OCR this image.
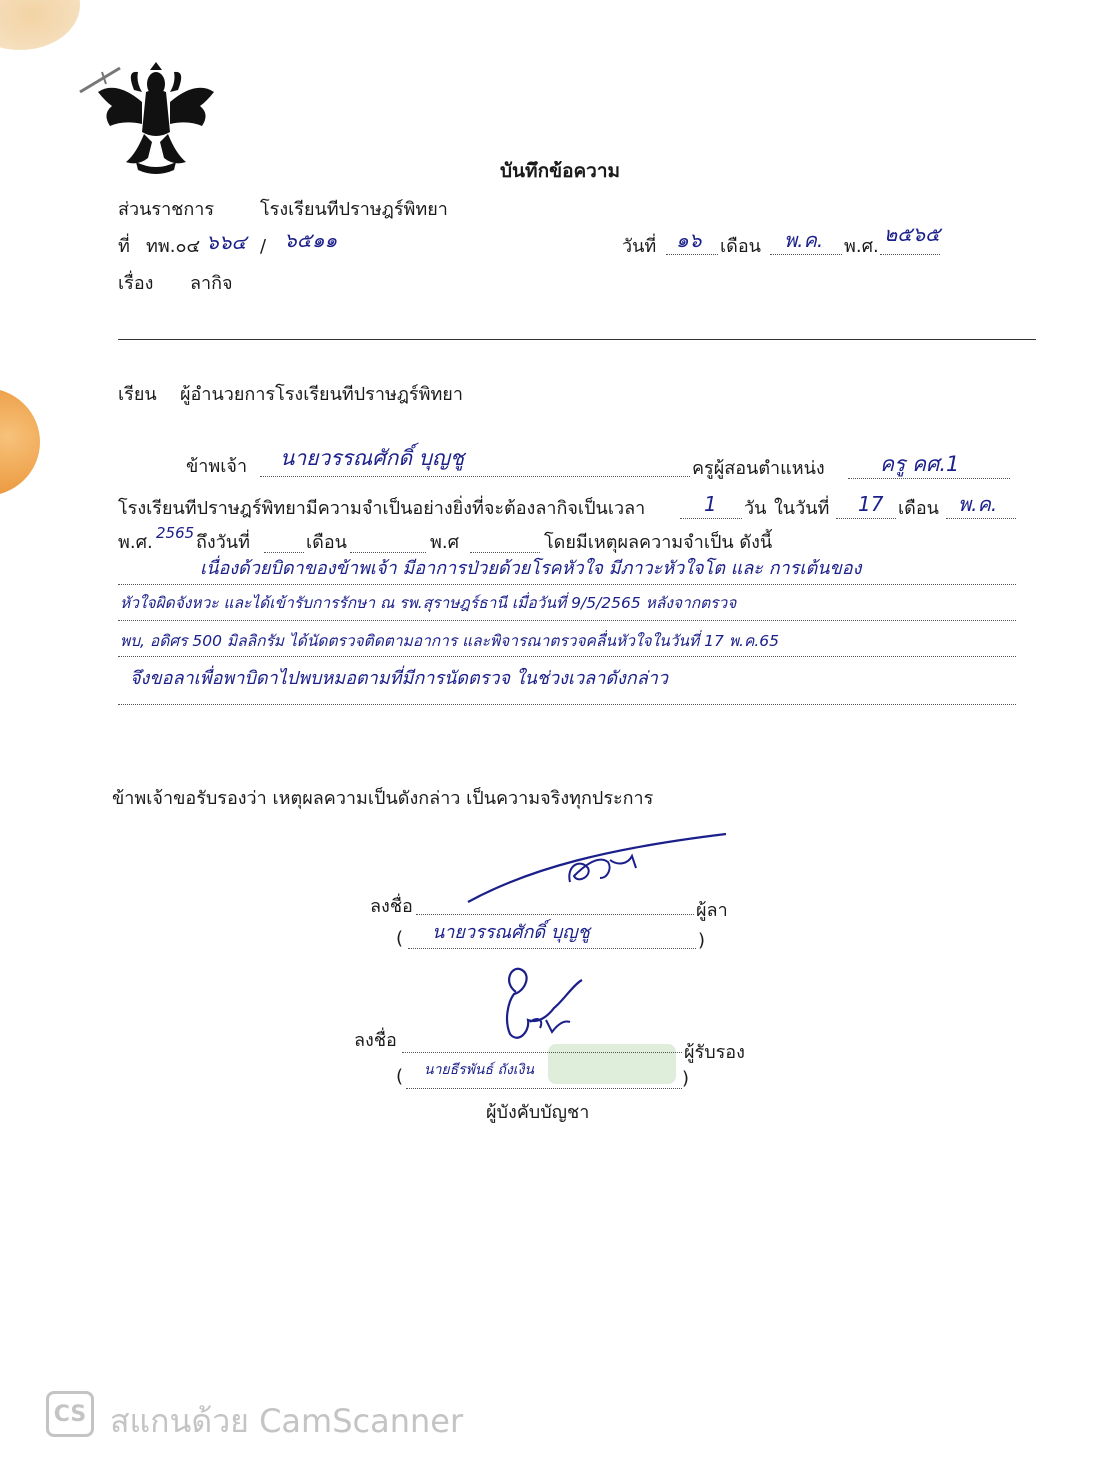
บันทึกข้อความ
ส่วนราชการ	โรงเรียนทีปราษฎร์พิทยา
ที่ ทพ.๐๔ ๖๖๔ / ๖๕๑๑	วันที่ ๑๖ เดือน พ.ค. พ.ศ.
๒๕๖๕
เรื่อง ลากิจ
เรียน ผู้อำนวยการโรงเรียนทีปราษฎร์พิทยา
ข้าพเจ้า นายวรรณศักดิ์ บุญชู	ครูผู้สอนตำแหน่ง	ครู คศ.1
โรงเรียนทีปราษฎร์พิทยามีความจำเป็นอย่างยิ่งที่จะต้องลากิจเป็นเวลา	1 วัน ในวันที่ 17 เดือน พ.ค.
พ.ศ. 2565 ถึงวันที่	เดือน	พ.ศ	โดยมีเหตุผลความจำเป็น ดังนี้
เนื่องด้วยบิดาของข้าพเจ้า มีอาการป่วยด้วยโรคหัวใจ มีภาวะหัวใจโต และ การเต้นของ
หัวใจผิดจังหวะ และได้เข้ารับการรักษา ณ รพ.สุราษฎร์ธานี เมื่อวันที่ 9/5/2565 หลังจากตรวจ
พบ, อดิศร 500 มิลลิกรัม ได้นัดตรวจติดตามอาการ และพิจารณาตรวจคลื่นหัวใจในวันที่ 17 พ.ค.65
จึงขอลาเพื่อพาบิดาไปพบหมอตามที่มีการนัดตรวจ ในช่วงเวลาดังกล่าว
ข้าพเจ้าขอรับรองว่า เหตุผลความเป็นดังกล่าว เป็นความจริงทุกประการ
ลงชื่อ	ผู้ลา
( นายวรรณศักดิ์ บุญชู	)
ลงชื่อ
ผู้รับรอง
( นายธีรพันธ์ ถังเงิน	)
ผู้บังคับบัญชา
CS สแกนด้วย CamScanner
